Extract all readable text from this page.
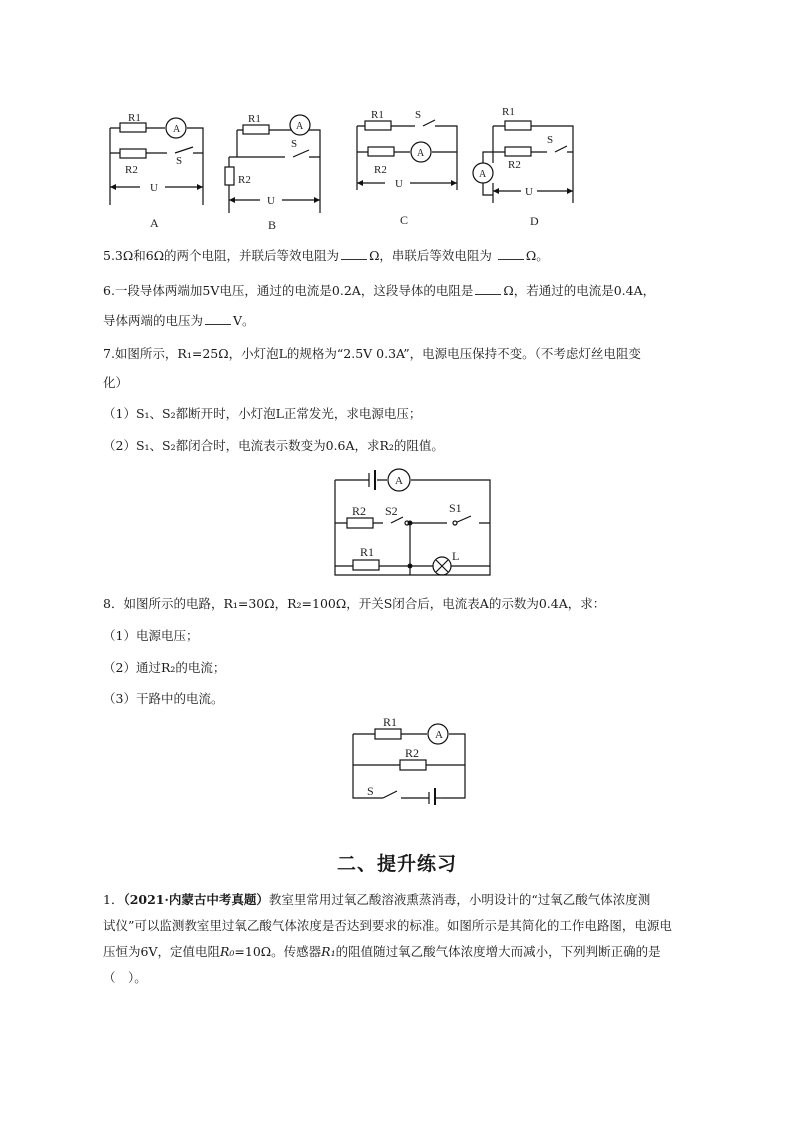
R1
A
R2
S
U
A
R1
A
S
R2
U
B
R1	S
A
R2
U
C
R1
S
R2
A
U
D
5.3Ω和6Ω的两个电阻，并联后等效电阻为 Ω，串联后等效电阻为	Ω。
6.一段导体两端加5V电压，通过的电流是0.2A，这段导体的电阻是 Ω，若通过的电流是0.4A，
导体两端的电压为 V。
7.如图所示，R₁=25Ω，小灯泡L的规格为“2.5V 0.3A”，电源电压保持不变。（不考虑灯丝电阻变
化）
（1）S₁、S₂都断开时，小灯泡L正常发光，求电源电压；
（2）S₁、S₂都闭合时，电流表示数变为0.6A，求R₂的阻值。
A
R2 S2	S1
R1	L
8．如图所示的电路，R₁=30Ω，R₂=100Ω，开关S闭合后，电流表A的示数为0.4A，求：
（1）电源电压；
（2）通过R₂的电流；
（3）干路中的电流。
R1
A
R2
S
二、提升练习
1．（2021·内蒙古中考真题）教室里常用过氧乙酸溶液熏蒸消毒，小明设计的“过氧乙酸气体浓度测
试仪”可以监测教室里过氧乙酸气体浓度是否达到要求的标准。如图所示是其简化的工作电路图，电源电
压恒为6V，定值电阻R₀=10Ω。传感器R₁的阻值随过氧乙酸气体浓度增大而减小，下列判断正确的是
（　）。
